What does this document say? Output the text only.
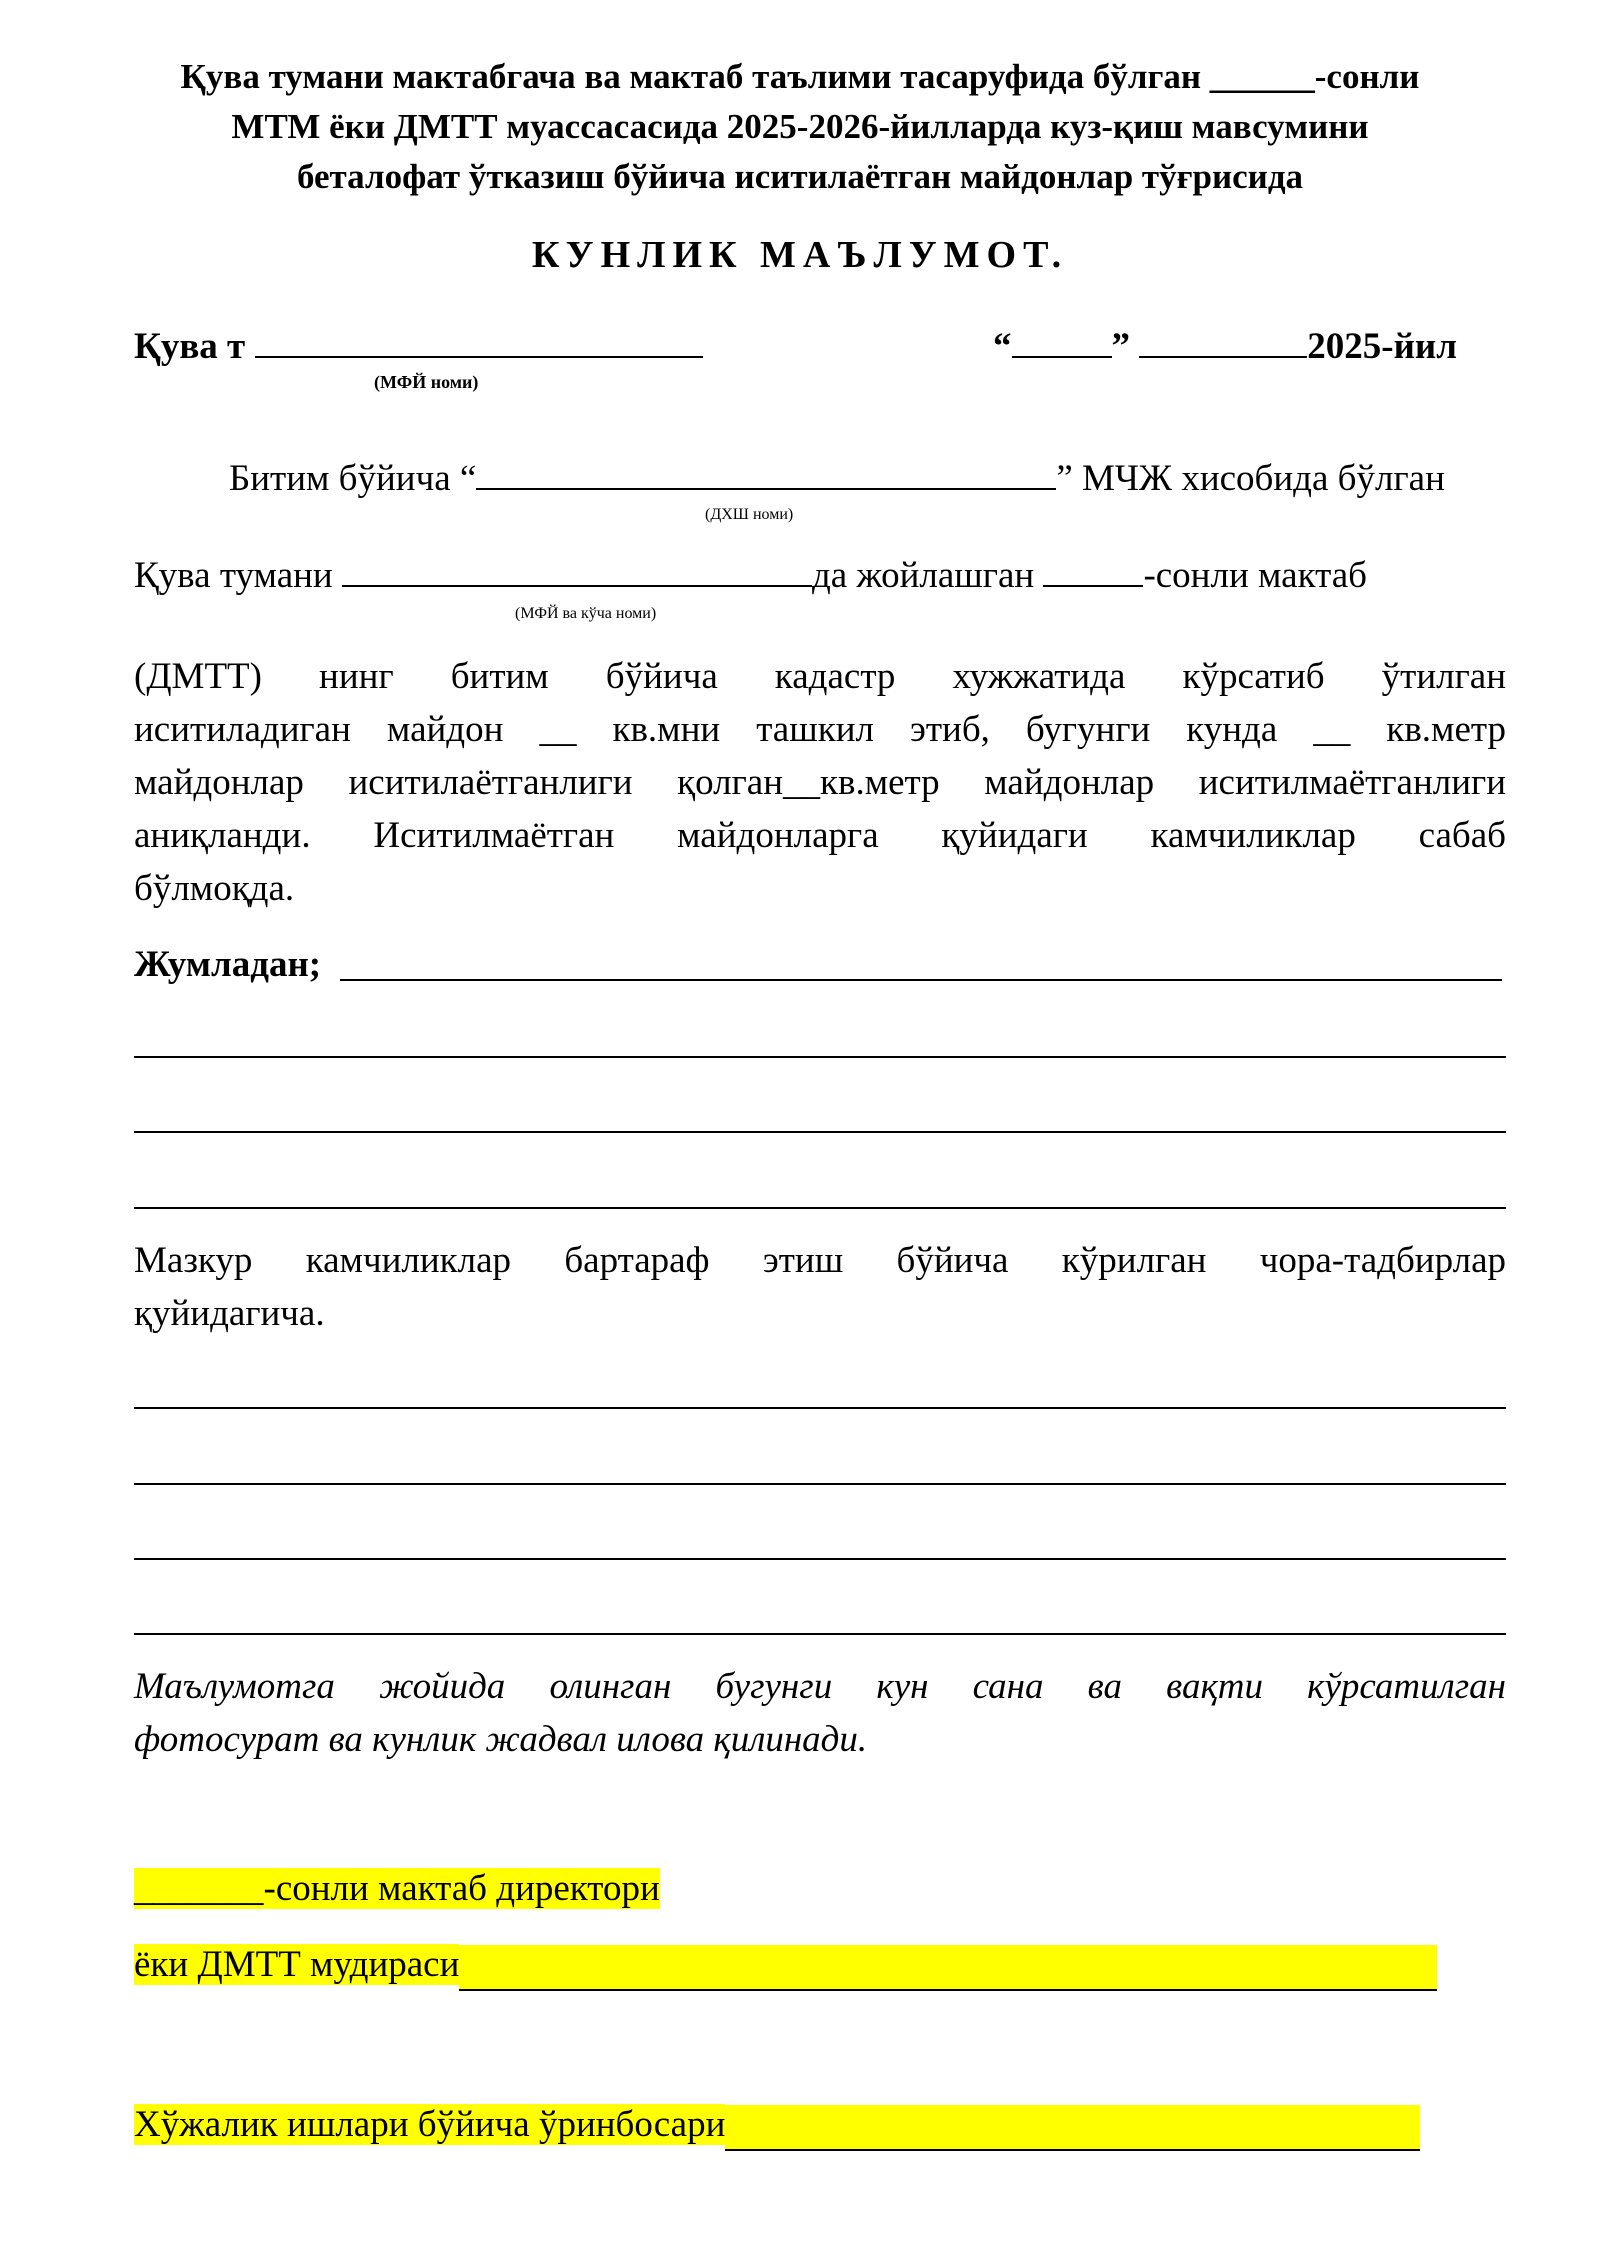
Қува тумани мактабгача ва мактаб таълими тасаруфида бўлган ______-сонли
МТМ ёки ДМТТ муассасасида 2025-2026-йилларда куз-қиш мавсумини
беталофат ўтказиш бўйича иситилаётган майдонлар тўғрисида
КУНЛИК МАЪЛУМОТ.
Қува т
(МФЙ номи)
“	”	2025-йил
Битим бўйича “	” МЧЖ хисобида бўлган
(ДХШ номи)
Қува тумани	да жойлашган	-сонли мактаб
(МФЙ ва кўча номи)
(ДМТТ) нинг битим бўйича кадастр хужжатида кўрсатиб ўтилган
иситиладиган майдон __ кв.мни ташкил этиб, бугунги кунда __ кв.метр
майдонлар иситилаётганлиги қолган__кв.метр майдонлар иситилмаётганлиги
аниқланди. Иситилмаётган майдонларга қуйидаги камчиликлар сабаб
бўлмоқда.
Жумладан;
Мазкур камчиликлар бартараф этиш бўйича кўрилган чора-тадбирлар
қуйидагича.
Маълумотга жойида олинган бугунги кун сана ва вақти кўрсатилган
фотосурат ва кунлик жадвал илова қилинади.
_______-сонли мактаб директори
ёки ДМТТ мудираси
Хўжалик ишлари бўйича ўринбосари
